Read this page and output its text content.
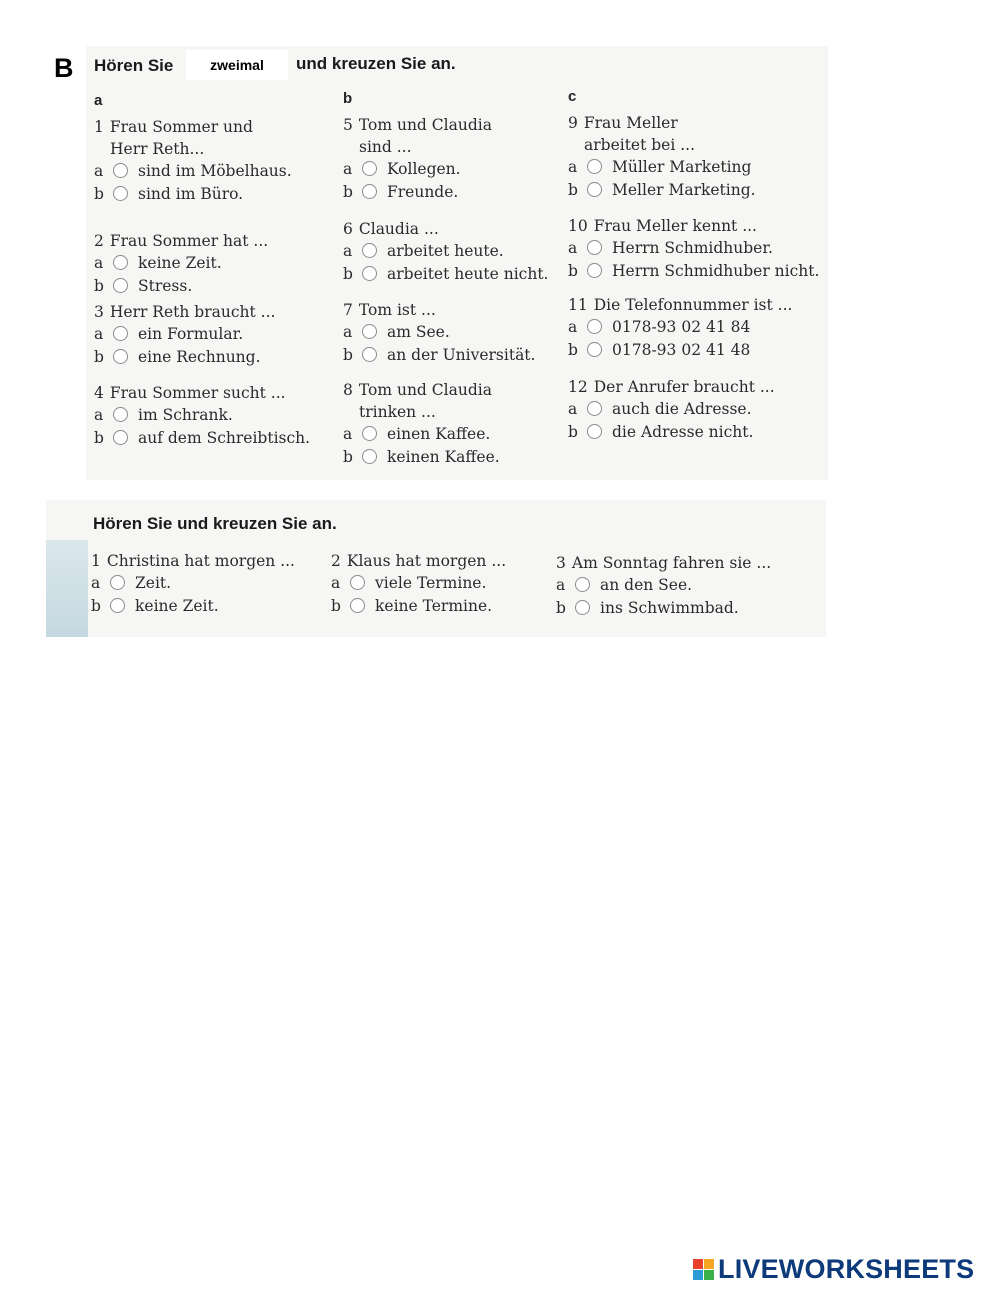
B Hören Sie	zweimal	und kreuzen Sie an.
a	b	c
1 Frau Sommer und
Herr Reth...
a sind im Möbelhaus.
b sind im Büro.
2 Frau Sommer hat ...
a keine Zeit.
b Stress.
3 Herr Reth braucht ...
a ein Formular.
b eine Rechnung.
4 Frau Sommer sucht ...
a im Schrank.
b auf dem Schreibtisch.
5 Tom und Claudia
sind ...
a Kollegen.
b Freunde.
6 Claudia ...
a arbeitet heute.
b arbeitet heute nicht.
7 Tom ist ...
a am See.
b an der Universität.
8 Tom und Claudia
trinken ...
a einen Kaffee.
b keinen Kaffee.
9 Frau Meller
arbeitet bei ...
a Müller Marketing
b Meller Marketing.
10 Frau Meller kennt ...
a Herrn Schmidhuber.
b Herrn Schmidhuber nicht.
11 Die Telefonnummer ist ...
a 0178-93 02 41 84
b 0178-93 02 41 48
12 Der Anrufer braucht ...
a auch die Adresse.
b die Adresse nicht.
Hören Sie und kreuzen Sie an.
1 Christina hat morgen ...
a Zeit.
b keine Zeit.
2 Klaus hat morgen ...
a viele Termine.
b keine Termine.
3 Am Sonntag fahren sie ...
a an den See.
b ins Schwimmbad.
LIVEWORKSHEETS
